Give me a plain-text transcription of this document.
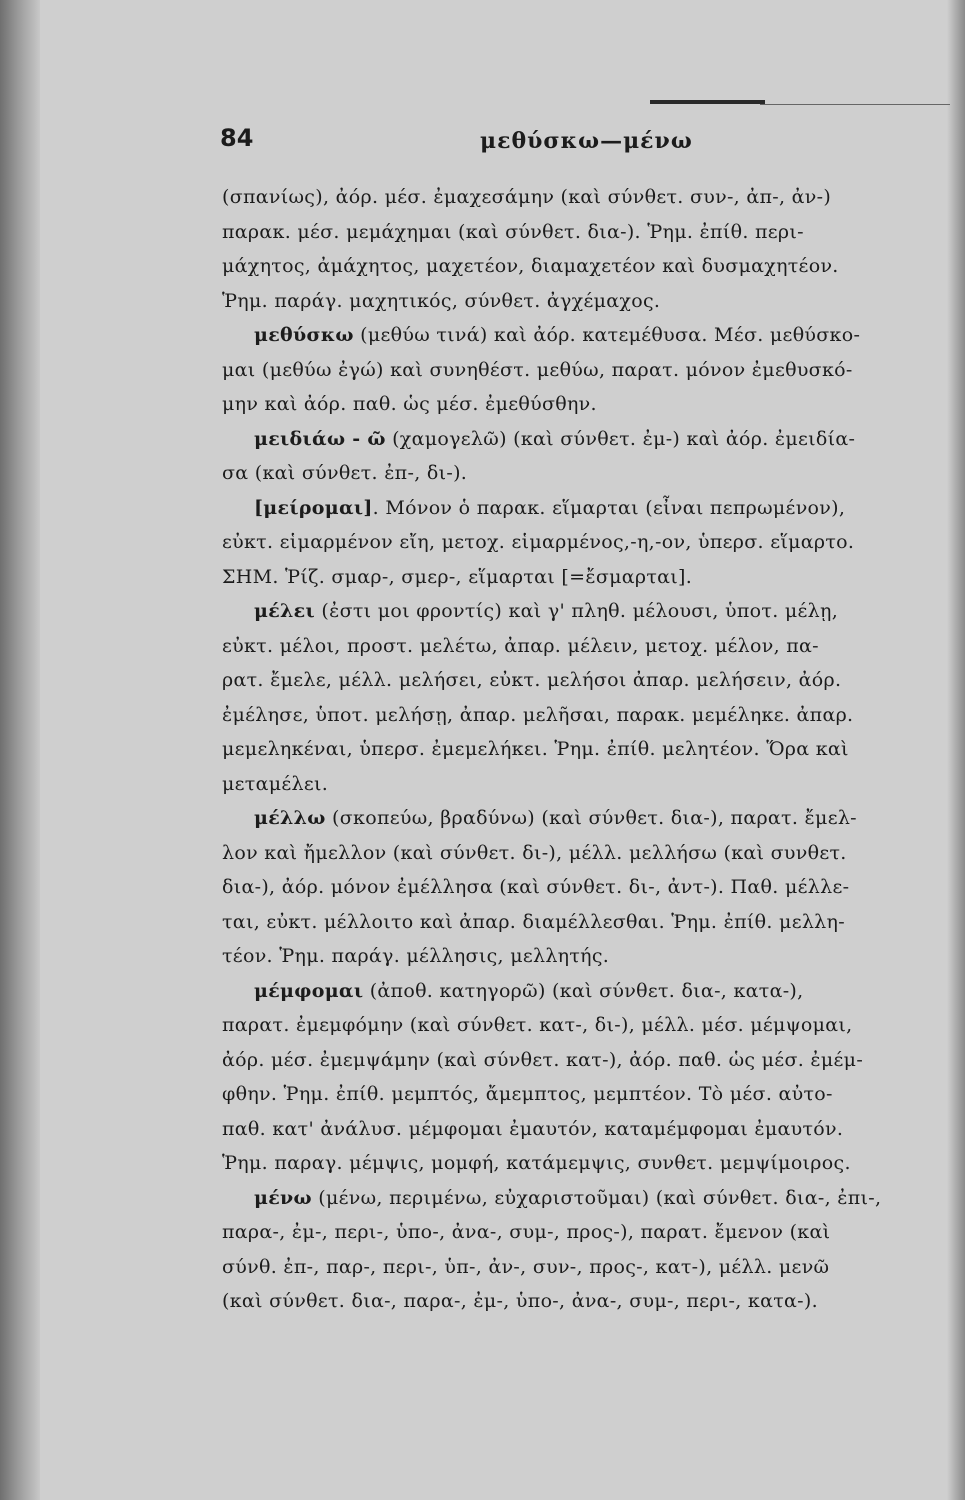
84	μεθύσκω—μένω
(σπανίως), ἀόρ. μέσ. ἐμαχεσάμην (καὶ σύνθετ. συν-, ἀπ-, ἀν-)
παρακ. μέσ. μεμάχημαι (καὶ σύνθετ. δια-). Ῥημ. ἐπίθ. περι-
μάχητος, ἀμάχητος, μαχετέον, διαμαχετέον καὶ δυσμαχητέον.
Ῥημ. παράγ. μαχητικός, σύνθετ. ἀγχέμαχος.
μεθύσκω (μεθύω τινά) καὶ ἀόρ. κατεμέθυσα. Μέσ. μεθύσκο-
μαι (μεθύω ἐγώ) καὶ συνηθέστ. μεθύω, παρατ. μόνον ἐμεθυσκό-
μην καὶ ἀόρ. παθ. ὡς μέσ. ἐμεθύσθην.
μειδιάω - ῶ (χαμογελῶ) (καὶ σύνθετ. ἐμ-) καὶ ἀόρ. ἐμειδία-
σα (καὶ σύνθετ. ἐπ-, δι-).
[μείρομαι]. Μόνον ὁ παρακ. εἵμαρται (εἶναι πεπρωμένον),
εὐκτ. εἱμαρμένον εἴη, μετοχ. εἱμαρμένος,-η,-ον, ὑπερσ. εἵμαρτο.
ΣΗΜ. Ῥίζ. σμαρ-, σμερ-, εἵμαρται [=ἔσμαρται].
μέλει (ἐστι μοι φροντίς) καὶ γ' πληθ. μέλουσι, ὑποτ. μέλῃ,
εὐκτ. μέλοι, προστ. μελέτω, ἀπαρ. μέλειν, μετοχ. μέλον, πα-
ρατ. ἔμελε, μέλλ. μελήσει, εὐκτ. μελήσοι ἀπαρ. μελήσειν, ἀόρ.
ἐμέλησε, ὑποτ. μελήσῃ, ἀπαρ. μελῆσαι, παρακ. μεμέληκε. ἀπαρ.
μεμεληκέναι, ὑπερσ. ἐμεμελήκει. Ῥημ. ἐπίθ. μελητέον. Ὅρα καὶ
μεταμέλει.
μέλλω (σκοπεύω, βραδύνω) (καὶ σύνθετ. δια-), παρατ. ἔμελ-
λον καὶ ἤμελλον (καὶ σύνθετ. δι-), μέλλ. μελλήσω (καὶ συνθετ.
δια-), ἀόρ. μόνον ἐμέλλησα (καὶ σύνθετ. δι-, ἀντ-). Παθ. μέλλε-
ται, εὐκτ. μέλλοιτο καὶ ἀπαρ. διαμέλλεσθαι. Ῥημ. ἐπίθ. μελλη-
τέον. Ῥημ. παράγ. μέλλησις, μελλητής.
μέμφομαι (ἀποθ. κατηγορῶ) (καὶ σύνθετ. δια-, κατα-),
παρατ. ἐμεμφόμην (καὶ σύνθετ. κατ-, δι-), μέλλ. μέσ. μέμψομαι,
ἀόρ. μέσ. ἐμεμψάμην (καὶ σύνθετ. κατ-), ἀόρ. παθ. ὡς μέσ. ἐμέμ-
φθην. Ῥημ. ἐπίθ. μεμπτός, ἄμεμπτος, μεμπτέον. Τὸ μέσ. αὐτο-
παθ. κατ' ἀνάλυσ. μέμφομαι ἐμαυτόν, καταμέμφομαι ἐμαυτόν.
Ῥημ. παραγ. μέμψις, μομφή, κατάμεμψις, συνθετ. μεμψίμοιρος.
μένω (μένω, περιμένω, εὐχαριστοῦμαι) (καὶ σύνθετ. δια-, ἐπι-,
παρα-, ἐμ-, περι-, ὑπο-, ἀνα-, συμ-, προς-), παρατ. ἔμενον (καὶ
σύνθ. ἐπ-, παρ-, περι-, ὑπ-, ἀν-, συν-, προς-, κατ-), μέλλ. μενῶ
(καὶ σύνθετ. δια-, παρα-, ἐμ-, ὑπο-, ἀνα-, συμ-, περι-, κατα-).
